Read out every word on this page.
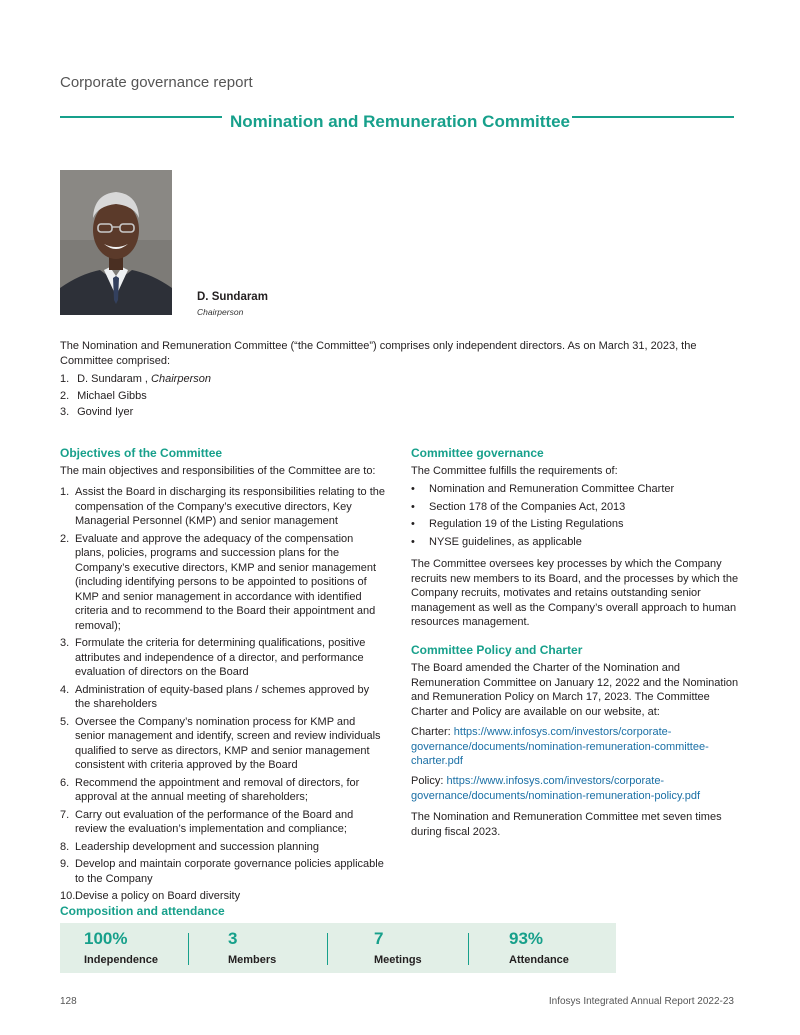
Corporate governance report
Nomination and Remuneration Committee
D. Sundaram
Chairperson
The Nomination and Remuneration Committee (“the Committee”) comprises only independent directors. As on March 31, 2023, the Committee comprised:
1. D. Sundaram , Chairperson
2. Michael Gibbs
3. Govind Iyer
Objectives of the Committee
The main objectives and responsibilities of the Committee are to:
1. Assist the Board in discharging its responsibilities relating to the compensation of the Company’s executive directors, Key Managerial Personnel (KMP) and senior management
2. Evaluate and approve the adequacy of the compensation plans, policies, programs and succession plans for the Company’s executive directors, KMP and senior management (including identifying persons to be appointed to positions of KMP and senior management in accordance with identified criteria and to recommend to the Board their appointment and removal);
3. Formulate the criteria for determining qualifications, positive attributes and independence of a director, and performance evaluation of directors on the Board
4. Administration of equity-based plans / schemes approved by the shareholders
5. Oversee the Company’s nomination process for KMP and senior management and identify, screen and review individuals qualified to serve as directors, KMP and senior management consistent with criteria approved by the Board
6. Recommend the appointment and removal of directors, for approval at the annual meeting of shareholders;
7. Carry out evaluation of the performance of the Board and review the evaluation’s implementation and compliance;
8. Leadership development and succession planning
9. Develop and maintain corporate governance policies applicable to the Company
10. Devise a policy on Board diversity
Committee governance
The Committee fulfills the requirements of:
• Nomination and Remuneration Committee Charter
• Section 178 of the Companies Act, 2013
• Regulation 19 of the Listing Regulations
• NYSE guidelines, as applicable
The Committee oversees key processes by which the Company recruits new members to its Board, and the processes by which the Company recruits, motivates and retains outstanding senior management as well as the Company’s overall approach to human resources management.
Committee Policy and Charter
The Board amended the Charter of the Nomination and Remuneration Committee on January 12, 2022 and the Nomination and Remuneration Policy on March 17, 2023. The Committee Charter and Policy are available on our website, at:
Charter: https://www.infosys.com/investors/corporate-governance/documents/nomination-remuneration-committee-charter.pdf
Policy: https://www.infosys.com/investors/corporate-governance/documents/nomination-remuneration-policy.pdf
The Nomination and Remuneration Committee met seven times during fiscal 2023.
Composition and attendance
100%
Independence
3
Members
7
Meetings
93%
Attendance
128	Infosys Integrated Annual Report 2022-23
